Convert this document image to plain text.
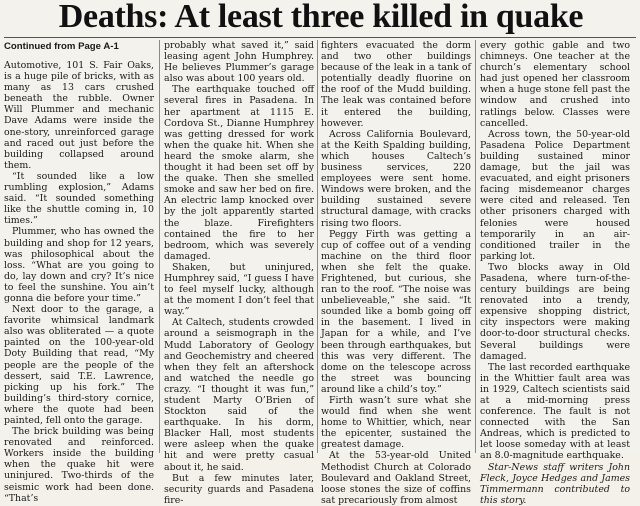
Deaths: At least three killed in quake
Continued from Page A-1

Automotive, 101 S. Fair Oaks, is a huge pile of bricks, with as many as 13 cars crushed beneath the rubble. Owner Will Plummer and mechanic Dave Adams were inside the one-story, unreinforced garage and raced out just before the building collapsed around them.

“It sounded like a low rumbling explosion,” Adams said. “It sounded something like the shuttle coming in, 10 times.”

Plummer, who has owned the building and shop for 12 years, was philosophical about the loss. “What are you going to do, lay down and cry? It’s nice to feel the sunshine. You ain’t gonna die before your time.”

Next door to the garage, a favorite whimsical landmark also was obliterated — a quote painted on the 100-year-old Doty Building that read, “My people are the people of the dessert, said T.E. Lawrence, picking up his fork.” The building’s third-story cornice, where the quote had been painted, fell onto the garage.

The brick building was being renovated and reinforced. Workers inside the building when the quake hit were uninjured. Two-thirds of the seismic work had been done. “That’s

probably what saved it,” said leasing agent John Humphrey. He believes Plummer’s garage also was about 100 years old.

The earthquake touched off several fires in Pasadena. In her apartment at 1115 E. Cordova St., Dianne Humphrey was getting dressed for work when the quake hit. When she heard the smoke alarm, she thought it had been set off by the quake. Then she smelled smoke and saw her bed on fire. An electric lamp knocked over by the jolt apparently started the blaze. Firefighters contained the fire to her bedroom, which was severely damaged.

Shaken, but uninjured, Humphrey said, “I guess I have to feel myself lucky, although at the moment I don’t feel that way.”

At Caltech, students crowded around a seismograph in the Mudd Laboratory of Geology and Geochemistry and cheered when they felt an aftershock and watched the needle go crazy. “I thought it was fun,” student Marty O’Brien of Stockton said of the earthquake. In his dorm, Blacker Hall, most students were asleep when the quake hit and were pretty casual about it, he said.

But a few minutes later, security guards and Pasadena fire-

fighters evacuated the dorm and two other buildings because of the leak in a tank of potentially deadly fluorine on the roof of the Mudd building. The leak was contained before it entered the building, however.

Across California Boulevard, at the Keith Spalding building, which houses Caltech’s business services, 220 employees were sent home. Windows were broken, and the building sustained severe structural damage, with cracks rising two floors.

Peggy Firth was getting a cup of coffee out of a vending machine on the third floor when she felt the quake. Frightened, but curious, she ran to the roof. “The noise was unbelieveable,” she said. “It sounded like a bomb going off in the basement. I lived in Japan for a while, and I’ve been through earthquakes, but this was very different. The dome on the telescope across the street was bouncing around like a child’s toy.”

Firth wasn’t sure what she would find when she went home to Whittier, which, near the epicenter, sustained the greatest damage.

At the 53-year-old United Methodist Church at Colorado Boulevard and Oakland Street, loose stones the size of coffins sat precariously from almost

every gothic gable and two chimneys. One teacher at the church’s elementary school had just opened her classroom when a huge stone fell past the window and crushed into ratlings below. Classes were cancelled.

Across town, the 50-year-old Pasadena Police Department building sustained minor damage, but the jail was evacuated, and eight prisoners facing misdemeanor charges were cited and released. Ten other prisoners charged with felonies were housed temporarily in an air-conditioned trailer in the parking lot.

Two blocks away in Old Pasadena, where turn-of-the-century buildings are being renovated into a trendy, expensive shopping district, city inspectors were making door-to-door structural checks. Several buildings were damaged.

The last recorded earthquake in the Whittier fault area was in 1929, Caltech scientists said at a mid-morning press conference. The fault is not connected with the San Andreas, which is predicted to let loose someday with at least an 8.0-magnitude earthquake.

Star-News staff writers John Fleck, Joyce Hedges and James Timmermann contributed to this story.
